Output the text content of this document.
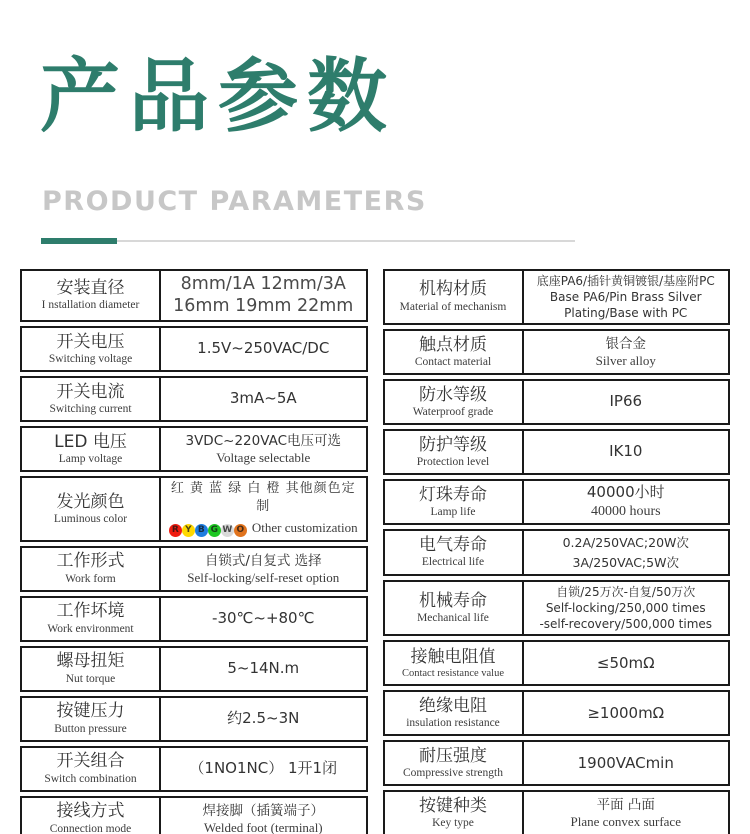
产品参数
PRODUCT PARAMETERS
安装直径
I nstallation diameter
8mm/1A 12mm/3A
16mm 19mm 22mm
开关电压
Switching voltage
1.5V~250VAC/DC
开关电流
Switching current
3mA~5A
LED 电压
Lamp voltage
3VDC~220VAC电压可选
Voltage selectable
发光颜色
Luminous color
红 黄 蓝 绿 白 橙 其他颜色定制
R Y B G W O Other customization
工作形式
Work form
自锁式/自复式 选择
Self-locking/self-reset option
工作坏境
Work environment
-30℃~+80℃
螺母扭矩
Nut torque
5~14N.m
按键压力
Button pressure
约2.5~3N
开关组合
Switch combination
（1NO1NC） 1开1闭
接线方式
Connection mode
焊接脚（插簧端子）
Welded foot (terminal)
机构材质
Material of mechanism
底座PA6/插针黄铜镀银/基座附PC
Base PA6/Pin Brass Silver
Plating/Base with PC
触点材质
Contact material
银合金
Silver alloy
防水等级
Waterproof grade
IP66
防护等级
Protection level
IK10
灯珠寿命
Lamp life
40000小时
40000 hours
电气寿命
Electrical life
0.2A/250VAC;20W次
3A/250VAC;5W次
机械寿命
Mechanical life
自锁/25万次-自复/50万次
Self-locking/250,000 times
-self-recovery/500,000 times
接触电阻值
Contact resistance value
≤50mΩ
绝缘电阻
insulation resistance
≥1000mΩ
耐压强度
Compressive strength
1900VACmin
按键种类
Key type
平面 凸面
Plane convex surface
